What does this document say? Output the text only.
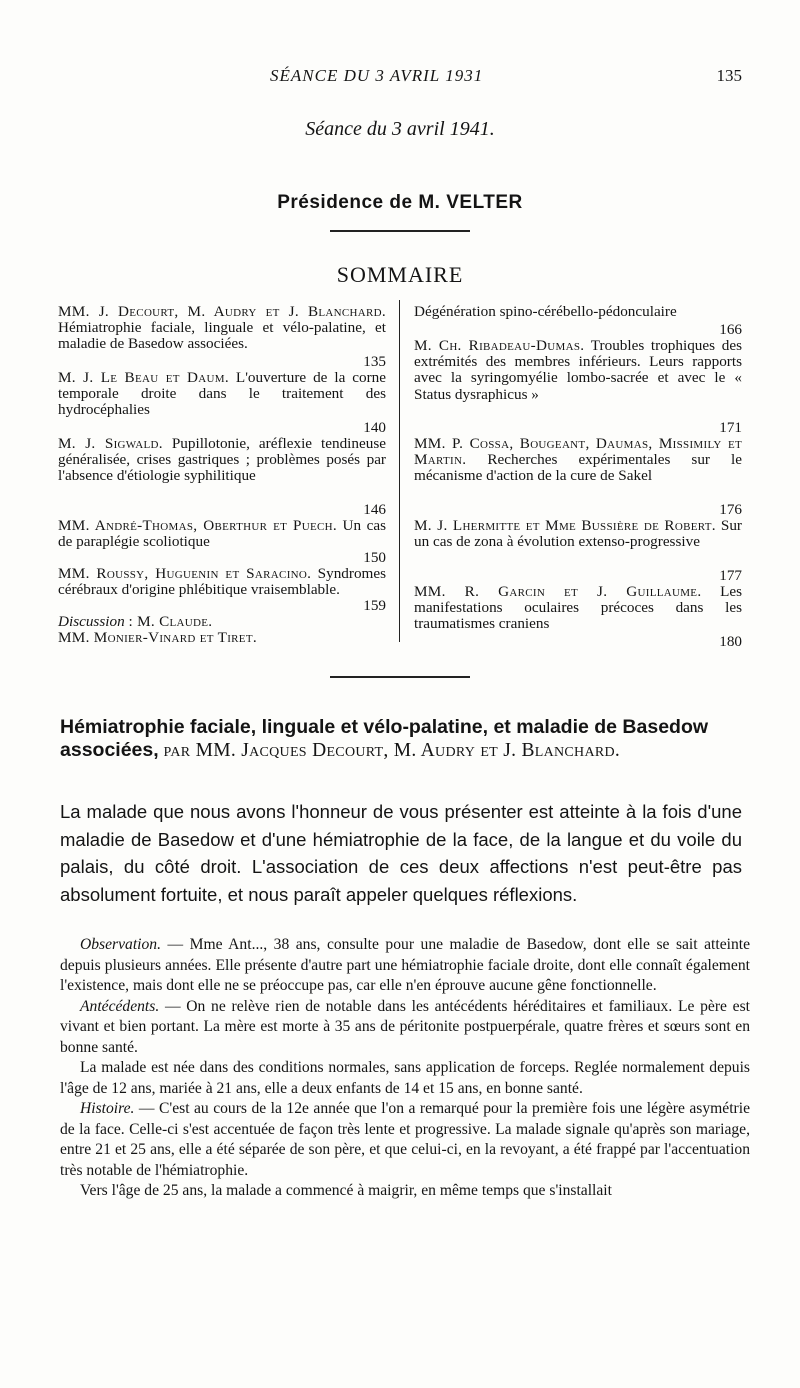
SÉANCE DU 3 AVRIL 1931	135
Séance du 3 avril 1941.
Présidence de M. VELTER
SOMMAIRE
MM. J. Decourt, M. Audry et J. Blanchard. Hémiatrophie faciale, linguale et vélo-palatine, et maladie de Basedow associées.
135
M. J. Le Beau et Daum. L'ouverture de la corne temporale droite dans le traitement des hydrocéphalies
140
M. J. Sigwald. Pupillotonie, aréflexie tendineuse généralisée, crises gastriques ; problèmes posés par l'absence d'étiologie syphilitique
146
MM. André-Thomas, Oberthur et Puech. Un cas de paraplégie scoliotique
150
MM. Roussy, Huguenin et Saracino. Syndromes cérébraux d'origine phlébitique vraisemblable.
159
Discussion : M. Claude.
MM. Monier-Vinard et Tiret.
Dégénération spino-cérébello-pédonculaire
166
M. Ch. Ribadeau-Dumas. Troubles trophiques des extrémités des membres inférieurs. Leurs rapports avec la syringomyélie lombo-sacrée et avec le « Status dysraphicus »
171
MM. P. Cossa, Bougeant, Daumas, Missimily et Martin. Recherches expérimentales sur le mécanisme d'action de la cure de Sakel
176
M. J. Lhermitte et Mme Bussière de Robert. Sur un cas de zona à évolution extenso-progressive
177
MM. R. Garcin et J. Guillaume. Les manifestations oculaires précoces dans les traumatismes craniens
180
Hémiatrophie faciale, linguale et vélo-palatine, et maladie de Basedow associées, par MM. Jacques Decourt, M. Audry et J. Blanchard.
La malade que nous avons l'honneur de vous présenter est atteinte à la fois d'une maladie de Basedow et d'une hémiatrophie de la face, de la langue et du voile du palais, du côté droit. L'association de ces deux affections n'est peut-être pas absolument fortuite, et nous paraît appeler quelques réflexions.

Observation. — Mme Ant..., 38 ans, consulte pour une maladie de Basedow, dont elle se sait atteinte depuis plusieurs années. Elle présente d'autre part une hémiatrophie faciale droite, dont elle connaît également l'existence, mais dont elle ne se préoccupe pas, car elle n'en éprouve aucune gêne fonctionnelle.

Antécédents. — On ne relève rien de notable dans les antécédents héréditaires et familiaux. Le père est vivant et bien portant. La mère est morte à 35 ans de péritonite postpuerpérale, quatre frères et sœurs sont en bonne santé.

La malade est née dans des conditions normales, sans application de forceps. Reglée normalement depuis l'âge de 12 ans, mariée à 21 ans, elle a deux enfants de 14 et 15 ans, en bonne santé.

Histoire. — C'est au cours de la 12e année que l'on a remarqué pour la première fois une légère asymétrie de la face. Celle-ci s'est accentuée de façon très lente et progressive. La malade signale qu'après son mariage, entre 21 et 25 ans, elle a été séparée de son père, et que celui-ci, en la revoyant, a été frappé par l'accentuation très notable de l'hémiatrophie.

Vers l'âge de 25 ans, la malade a commencé à maigrir, en même temps que s'installait
